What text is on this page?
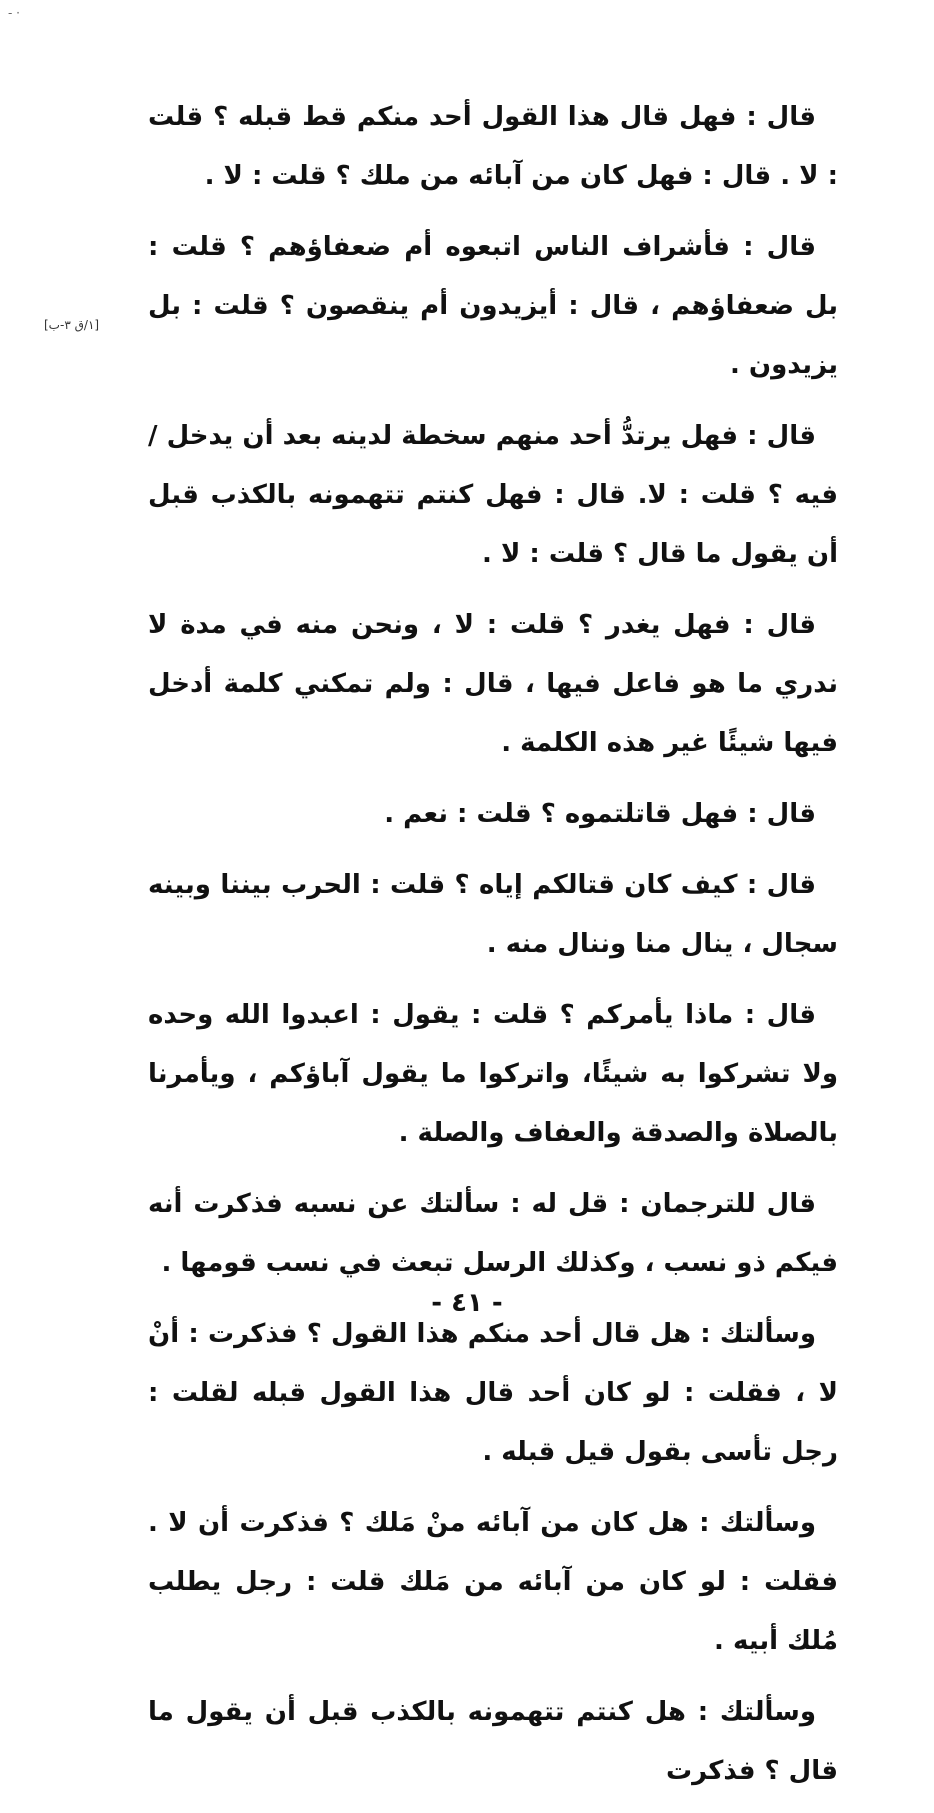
- ·
[١/ق ٣-ب]

قال : فهل قال هذا القول أحد منكم قط قبله ؟ قلت : لا . قال : فهل كان من آبائه من ملك ؟ قلت : لا .

قال : فأشراف الناس اتبعوه أم ضعفاؤهم ؟ قلت : بل ضعفاؤهم ، قال : أيزيدون أم ينقصون ؟ قلت : بل يزيدون .

قال : فهل يرتدُّ أحد منهم سخطة لدينه بعد أن يدخل / فيه ؟ قلت : لا. قال : فهل كنتم تتهمونه بالكذب قبل أن يقول ما قال ؟ قلت : لا .

قال : فهل يغدر ؟ قلت : لا ، ونحن منه في مدة لا ندري ما هو فاعل فيها ، قال : ولم تمكني كلمة أدخل فيها شيئًا غير هذه الكلمة .

قال : فهل قاتلتموه ؟ قلت : نعم .

قال : كيف كان قتالكم إياه ؟ قلت : الحرب بيننا وبينه سجال ، ينال منا وننال منه .

قال : ماذا يأمركم ؟ قلت : يقول : اعبدوا الله وحده ولا تشركوا به شيئًا، واتركوا ما يقول آباؤكم ، ويأمرنا بالصلاة والصدقة والعفاف والصلة .

قال للترجمان : قل له : سألتك عن نسبه فذكرت أنه فيكم ذو نسب ، وكذلك الرسل تبعث في نسب قومها .

وسألتك : هل قال أحد منكم هذا القول ؟ فذكرت : أنْ لا ، فقلت : لو كان أحد قال هذا القول قبله لقلت : رجل تأسى بقول قيل قبله .

وسألتك : هل كان من آبائه منْ مَلك ؟ فذكرت أن لا . فقلت : لو كان من آبائه من مَلك قلت : رجل يطلب مُلك أبيه .

وسألتك : هل كنتم تتهمونه بالكذب قبل أن يقول ما قال ؟ فذكرت

- ٤١ -
